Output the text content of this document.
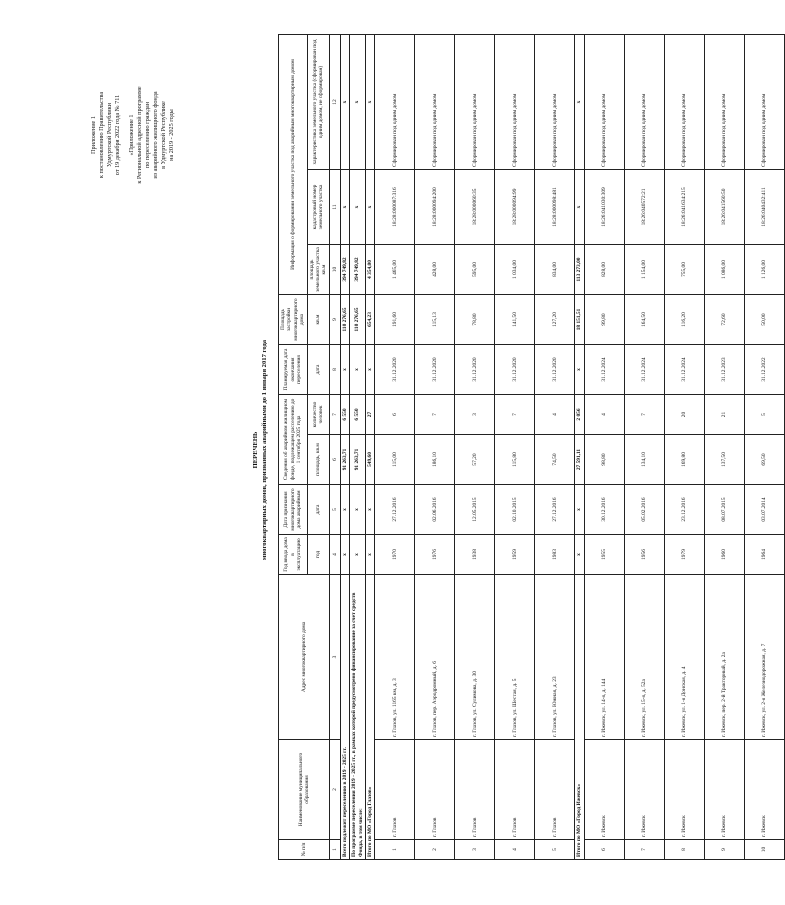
Приложение 1 к постановлению Правительства Удмуртской Республики от 19 декабря 2022 года № 711 «Приложение 1 к Региональной адресной программе по переселению граждан из аварийного жилищного фонда в Удмуртской Республике на 2019 - 2025 годы
ПЕРЕЧЕНЬ многоквартирных домов, признанных аварийными до 1 января 2017 года
№ п/п	Наименование муниципального образования	Адрес многоквартирного дома	Год ввода дома в эксплуатацию	Дата признания многоквартирного дома аварийным	Сведения об аварийном жилищном фонде, подлежащем расселению до 1 сентября 2025 года		Планируемая дата окончания переселения	Площадь застройки многоквартирного дома	Информация о формировании земельного участка под аварийным многоквартирным домом		
			год	дата	площадь, кв.м	количество человек	дата	кв.м	площадь земельного участка
кв.м	кадастровый номер земельного участка	характеристика земельного участка (сформирован под одним домом, не сформирован)
1	2	3	4	5	6	7	8	9	10	11	12
Всего подлежит переселению в 2019 - 2025 гг.			х	х	91 263,71	6 550	х	110 276,65	394 749,82	х	х
По программе переселения 2019 - 2025 гг., в рамках которой предусмотрено финансирование за счет средств Фонда, в том числе:			х	х	91 263,71	6 550	х	110 276,65	394 749,82	х	х
Итого по МО «Город Глазов»			х	х	549,60	27	х	654,23	4 354,00	х	х
1	г. Глазов	г. Глазов, ул. 1165 км, д. 3	1970	27.12.2016	115,00	6	31.12.2020	191,60	1 465,00	18:28:000087:316	Сформирован под одним домом
2	г. Глазов	г. Глазов, пер. Аэродромный, д. 6	1976	02.06.2016	186,10	7	31.12.2020	115,13	428,00	18:28:000094:200	Сформирован под одним домом
3	г. Глазов	г. Глазов, ул. Сулимова, д. 30	1938	12.05.2015	57,20	3	31.12.2020	78,80	595,00	18:28:000060:35	Сформирован под одним домом
4	г. Глазов	г. Глазов, ул. Шестая, д. 5	1959	02.10.2015	115,80	7	31.12.2020	141,50	1 034,00	18:28:000094:99	Сформирован под одним домом
5	г. Глазов	г. Глазов, ул. Южная, д. 23	1983	27.12.2016	74,50	4	31.12.2020	127,20	834,00	18:28:000098:481	Сформирован под одним домом
Итого по МО «Город Ижевск»			х	х	27 591,11	2 056	х	18 151,51	113 273,00	х	х
6	г. Ижевск	г. Ижевск, ул. 14-я, д. 144	1955	30.12.2016	98,80	4	31.12.2024	99,80	828,00	18:26:041030:309	Сформирован под одним домом
7	г. Ижевск	г. Ижевск, ул. 15-я, д. 52а	1956	05.02.2016	134,10	7	31.12.2024	164,50	1 154,00	18:26:040572:21	Сформирован под одним домом
8	г. Ижевск	г. Ижевск, ул. 1-я Донская, д. 4	1979	23.12.2016	169,80	20	31.12.2024	116,20	755,00	18:26:041634:215	Сформирован под одним домом
9	г. Ижевск	г. Ижевск, пер. 2-й Тракторный, д. 2а	1960	08.07.2015	137,50	21	31.12.2023	72,60	1 086,00	18:26:041560:50	Сформирован под одним домом
10	г. Ижевск	г. Ижевск, ул. 2-я Железнодорожная, д. 7	1964	03.07.2014	69,50	5	31.12.2022	50,00	1 126,00	18:26:040432:411	Сформирован под одним домом
